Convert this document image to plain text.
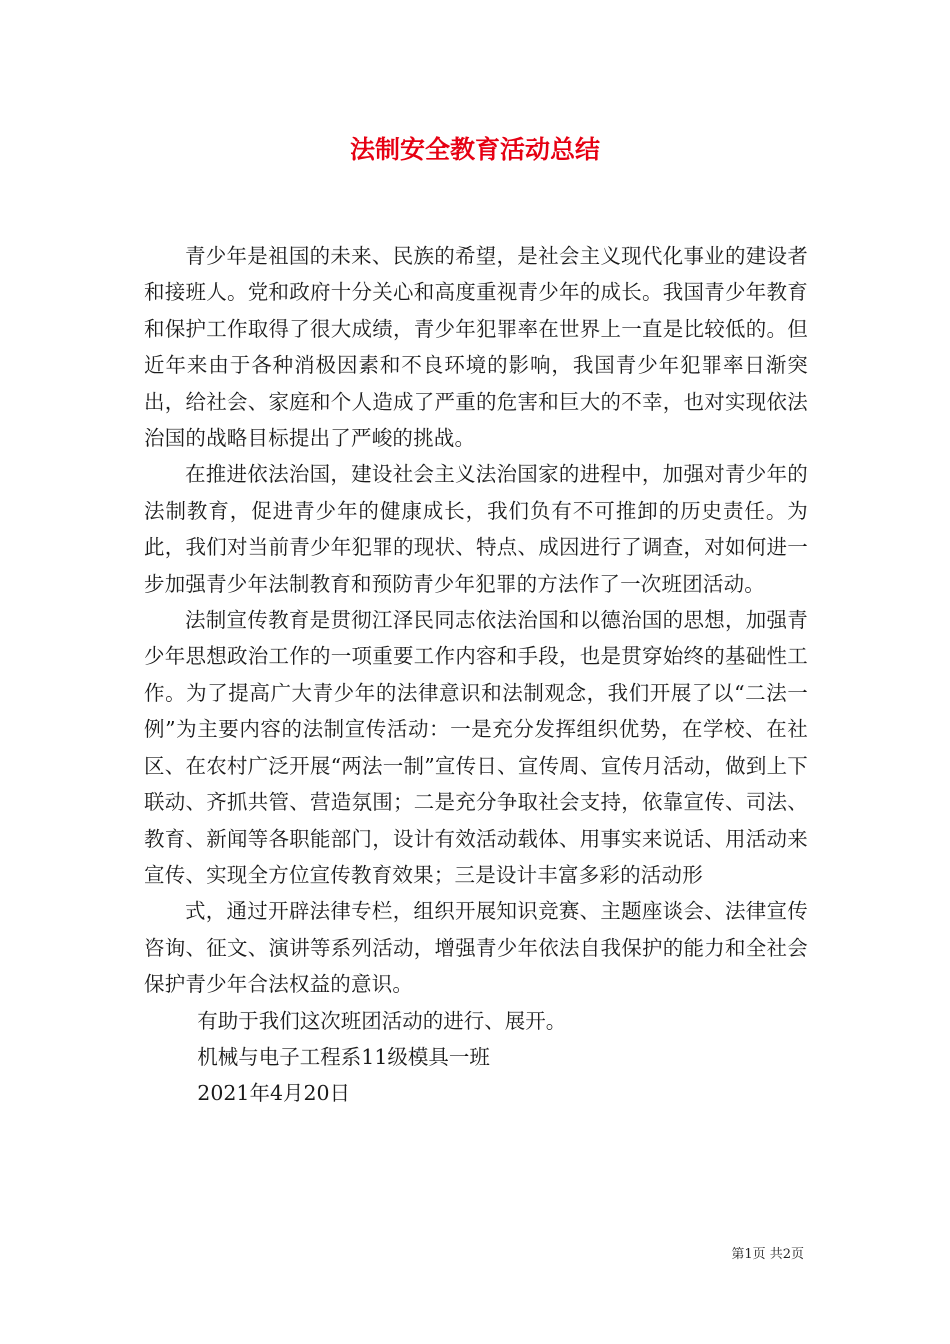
法制安全教育活动总结

青少年是祖国的未来、民族的希望，是社会主义现代化事业的建设者和接班人。党和政府十分关心和高度重视青少年的成长。我国青少年教育和保护工作取得了很大成绩，青少年犯罪率在世界上一直是比较低的。但近年来由于各种消极因素和不良环境的影响，我国青少年犯罪率日渐突出，给社会、家庭和个人造成了严重的危害和巨大的不幸，也对实现依法治国的战略目标提出了严峻的挑战。

在推进依法治国，建设社会主义法治国家的进程中，加强对青少年的法制教育，促进青少年的健康成长，我们负有不可推卸的历史责任。为此，我们对当前青少年犯罪的现状、特点、成因进行了调查，对如何进一步加强青少年法制教育和预防青少年犯罪的方法作了一次班团活动。

法制宣传教育是贯彻江泽民同志依法治国和以德治国的思想，加强青少年思想政治工作的一项重要工作内容和手段，也是贯穿始终的基础性工作。为了提高广大青少年的法律意识和法制观念，我们开展了以“二法一例”为主要内容的法制宣传活动：一是充分发挥组织优势，在学校、在社区、在农村广泛开展“两法一制”宣传日、宣传周、宣传月活动，做到上下联动、齐抓共管、营造氛围；二是充分争取社会支持，依靠宣传、司法、教育、新闻等各职能部门，设计有效活动载体、用事实来说话、用活动来宣传、实现全方位宣传教育效果；三是设计丰富多彩的活动形

式，通过开辟法律专栏，组织开展知识竞赛、主题座谈会、法律宣传咨询、征文、演讲等系列活动，增强青少年依法自我保护的能力和全社会保护青少年合法权益的意识。

有助于我们这次班团活动的进行、展开。

机械与电子工程系11级模具一班

2021年4月20日

第1页 共2页
